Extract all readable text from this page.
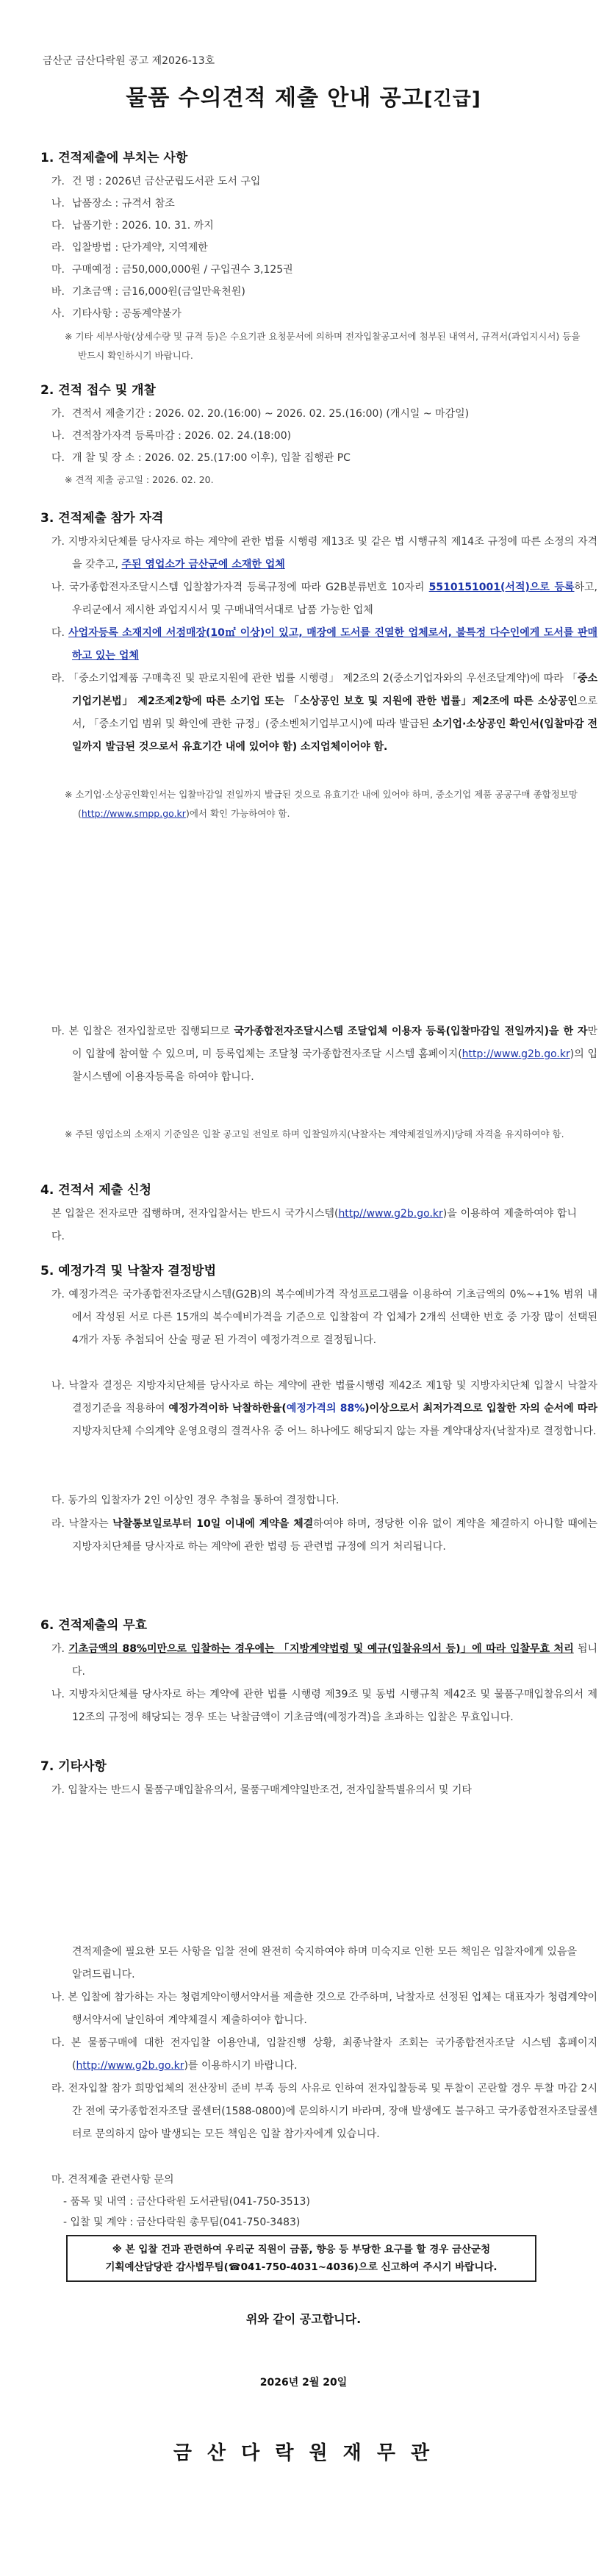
금산군 금산다락원 공고 제2026-13호
물품 수의견적 제출 안내 공고[긴급]
1. 견적제출에 부치는 사항
가. 건 명 : 2026년 금산군립도서관 도서 구입
나. 납품장소 : 규격서 참조
다. 납품기한 : 2026. 10. 31. 까지
라. 입찰방법 : 단가계약, 지역제한
마. 구매예정 : 금50,000,000원 / 구입권수 3,125권
바. 기초금액 : 금16,000원(금일만육천원)
사. 기타사항 : 공동계약불가
※ 기타 세부사항(상세수량 및 규격 등)은 수요기관 요청문서에 의하며 전자입찰공고서에 첨부된 내역서, 규격서(과업지시서) 등을 반드시 확인하시기 바랍니다.
2. 견적 접수 및 개찰
가. 견적서 제출기간 : 2026. 02. 20.(16:00) ~ 2026. 02. 25.(16:00) (개시일 ~ 마감일)
나. 견적참가자격 등록마감 : 2026. 02. 24.(18:00)
다. 개 찰 및 장 소 : 2026. 02. 25.(17:00 이후), 입찰 집행관 PC
※ 견적 제출 공고일 : 2026. 02. 20.
3. 견적제출 참가 자격
가. 지방자치단체를 당사자로 하는 계약에 관한 법률 시행령 제13조 및 같은 법 시행규칙 제14조 규정에 따른 소정의 자격을 갖추고, 주된 영업소가 금산군에 소재한 업체
나. 국가종합전자조달시스템 입찰참가자격 등록규정에 따라 G2B분류번호 10자리 5510151001(서적)으로 등록하고, 우리군에서 제시한 과업지시서 및 구매내역서대로 납품 가능한 업체
다. 사업자등록 소재지에 서점매장(10㎡ 이상)이 있고, 매장에 도서를 진열한 업체로서, 불특정 다수인에게 도서를 판매하고 있는 업체
라. 「중소기업제품 구매촉진 및 판로지원에 관한 법률 시행령」 제2조의 2(중소기업자와의 우선조달계약)에 따라 「중소기업기본법」 제2조제2항에 따른 소기업 또는 「소상공인 보호 및 지원에 관한 법률」제2조에 따른 소상공인으로서, 「중소기업 범위 및 확인에 관한 규정」(중소벤처기업부고시)에 따라 발급된 소기업·소상공인 확인서(입찰마감 전일까지 발급된 것으로서 유효기간 내에 있어야 함) 소지업체이어야 함.
※ 소기업·소상공인확인서는 입찰마감일 전일까지 발급된 것으로 유효기간 내에 있어야 하며, 중소기업 제품 공공구매 종합정보망(http://www.smpp.go.kr)에서 확인 가능하여야 함.
마. 본 입찰은 전자입찰로만 집행되므로 국가종합전자조달시스템 조달업체 이용자 등록(입찰마감일 전일까지)을 한 자만이 입찰에 참여할 수 있으며, 미 등록업체는 조달청 국가종합전자조달 시스템 홈페이지(http://www.g2b.go.kr)의 입찰시스템에 이용자등록을 하여야 합니다.
※ 주된 영업소의 소재지 기준일은 입찰 공고일 전일로 하며 입찰일까지(낙찰자는 계약체결일까지)당해 자격을 유지하여야 함.
4. 견적서 제출 신청
본 입찰은 전자로만 집행하며, 전자입찰서는 반드시 국가시스템(http//www.g2b.go.kr)을 이용하여 제출하여야 합니다.
5. 예정가격 및 낙찰자 결정방법
가. 예정가격은 국가종합전자조달시스템(G2B)의 복수예비가격 작성프로그램을 이용하여 기초금액의 0%~+1% 범위 내에서 작성된 서로 다른 15개의 복수예비가격을 기준으로 입찰참여 각 업체가 2개씩 선택한 번호 중 가장 많이 선택된 4개가 자동 추첨되어 산술 평균 된 가격이 예정가격으로 결정됩니다.
나. 낙찰자 결정은 지방자치단체를 당사자로 하는 계약에 관한 법률시행령 제42조 제1항 및 지방자치단체 입찰시 낙찰자 결정기준을 적용하여 예정가격이하 낙찰하한율(예정가격의 88%)이상으로서 최저가격으로 입찰한 자의 순서에 따라 지방자치단체 수의계약 운영요령의 결격사유 중 어느 하나에도 해당되지 않는 자를 계약대상자(낙찰자)로 결정합니다.
다. 동가의 입찰자가 2인 이상인 경우 추첨을 통하여 결정합니다.
라. 낙찰자는 낙찰통보일로부터 10일 이내에 계약을 체결하여야 하며, 정당한 이유 없이 계약을 체결하지 아니할 때에는 지방자치단체를 당사자로 하는 계약에 관한 법령 등 관련법 규정에 의거 처리됩니다.
6. 견적제출의 무효
가. 기초금액의 88%미만으로 입찰하는 경우에는 「지방계약법령 및 예규(입찰유의서 등)」에 따라 입찰무효 처리 됩니다.
나. 지방자치단체를 당사자로 하는 계약에 관한 법률 시행령 제39조 및 동법 시행규칙 제42조 및 물품구매입찰유의서 제12조의 규정에 해당되는 경우 또는 낙찰금액이 기초금액(예정가격)을 초과하는 입찰은 무효입니다.
7. 기타사항
가. 입찰자는 반드시 물품구매입찰유의서, 물품구매계약일반조건, 전자입찰특별유의서 및 기타
견적제출에 필요한 모든 사항을 입찰 전에 완전히 숙지하여야 하며 미숙지로 인한 모든 책임은 입찰자에게 있음을 알려드립니다.
나. 본 입찰에 참가하는 자는 청렴계약이행서약서를 제출한 것으로 간주하며, 낙찰자로 선정된 업체는 대표자가 청렴계약이행서약서에 날인하여 계약체결시 제출하여야 합니다.
다. 본 물품구매에 대한 전자입찰 이용안내, 입찰진행 상황, 최종낙찰자 조회는 국가종합전자조달 시스템 홈페이지(http://www.g2b.go.kr)를 이용하시기 바랍니다.
라. 전자입찰 참가 희망업체의 전산장비 준비 부족 등의 사유로 인하여 전자입찰등록 및 투찰이 곤란할 경우 투찰 마감 2시간 전에 국가종합전자조달 콜센터(1588-0800)에 문의하시기 바라며, 장애 발생에도 불구하고 국가종합전자조달콜센터로 문의하지 않아 발생되는 모든 책임은 입찰 참가자에게 있습니다.
마. 견적제출 관련사항 문의
- 품목 및 내역 : 금산다락원 도서관팀(041-750-3513)
- 입찰 및 계약 : 금산다락원 총무팀(041-750-3483)
※ 본 입찰 건과 관련하여 우리군 직원이 금품, 향응 등 부당한 요구를 할 경우 금산군청
기획예산담당관 감사법무팀(☎041-750-4031~4036)으로 신고하여 주시기 바랍니다.
위와 같이 공고합니다.
2026년 2월 20일
금 산 다 락 원 재 무 관
